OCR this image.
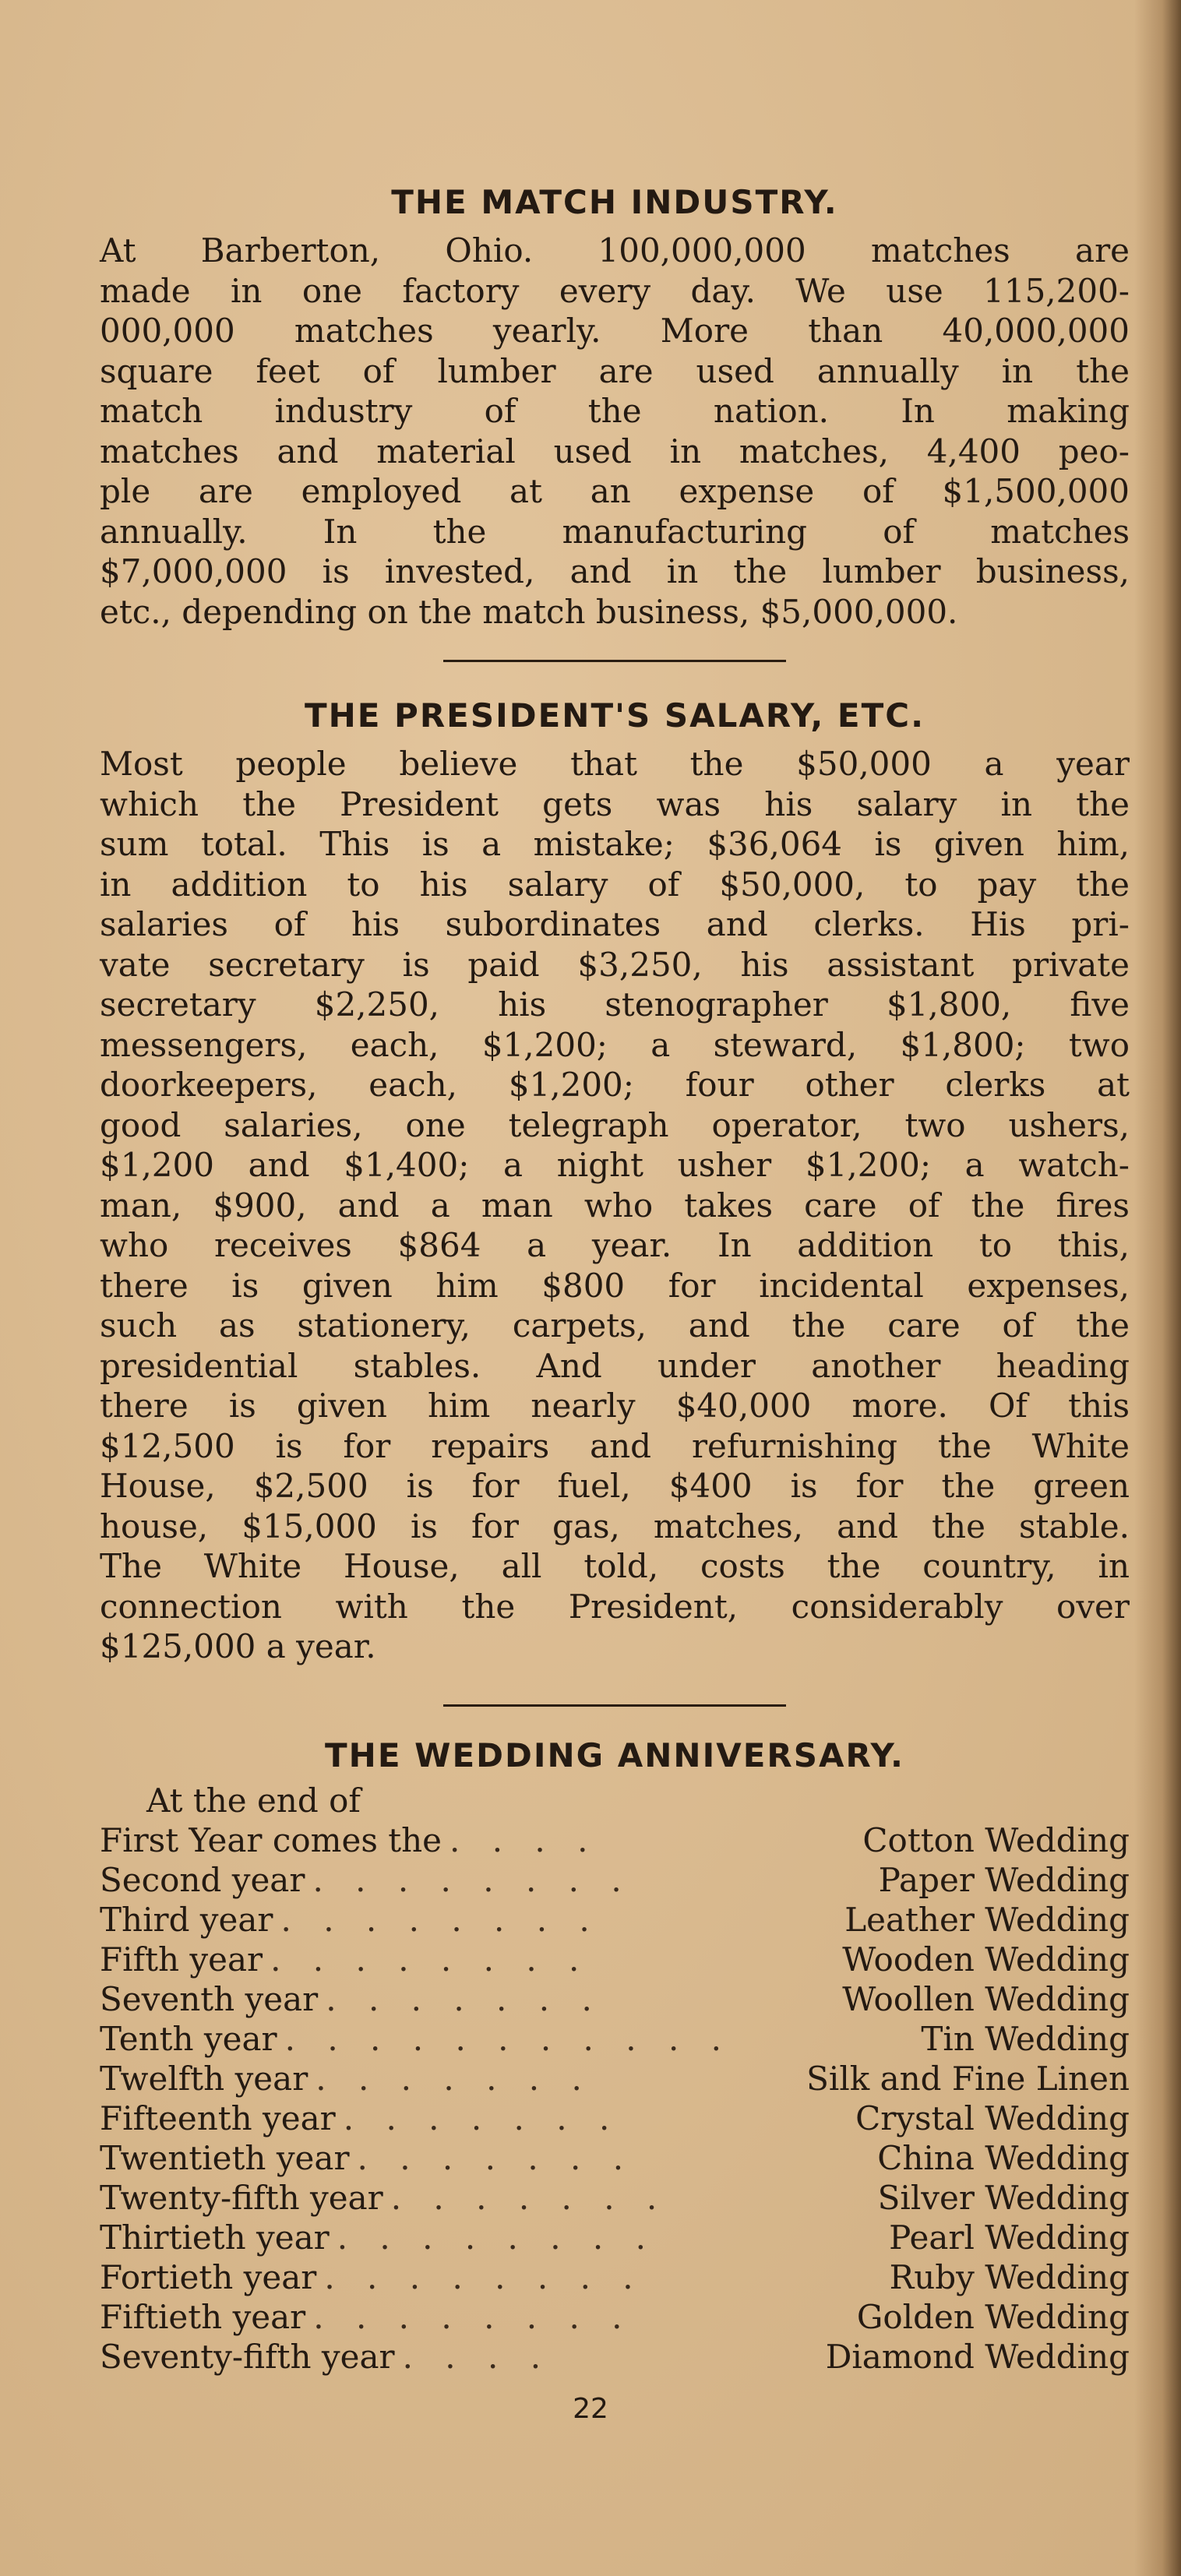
THE MATCH INDUSTRY.
At Barberton, Ohio. 100,000,000 matches are
made in one factory every day. We use 115,200-
000,000 matches yearly. More than 40,000,000
square feet of lumber are used annually in the
match industry of the nation. In making
matches and material used in matches, 4,400 peo-
ple are employed at an expense of $1,500,000
annually. In the manufacturing of matches
$7,000,000 is invested, and in the lumber business,
etc., depending on the match business, $5,000,000.
THE PRESIDENT'S SALARY, ETC.
Most people believe that the $50,000 a year
which the President gets was his salary in the
sum total. This is a mistake; $36,064 is given him,
in addition to his salary of $50,000, to pay the
salaries of his subordinates and clerks. His pri-
vate secretary is paid $3,250, his assistant private
secretary $2,250, his stenographer $1,800, five
messengers, each, $1,200; a steward, $1,800; two
doorkeepers, each, $1,200; four other clerks at
good salaries, one telegraph operator, two ushers,
$1,200 and $1,400; a night usher $1,200; a watch-
man, $900, and a man who takes care of the fires
who receives $864 a year. In addition to this,
there is given him $800 for incidental expenses,
such as stationery, carpets, and the care of the
presidential stables. And under another heading
there is given him nearly $40,000 more. Of this
$12,500 is for repairs and refurnishing the White
House, $2,500 is for fuel, $400 is for the green
house, $15,000 is for gas, matches, and the stable.
The White House, all told, costs the country, in
connection with the President, considerably over
$125,000 a year.
THE WEDDING ANNIVERSARY.
At the end of
First Year comes the . . . .	Cotton Wedding
Second year . . . . . . . .	Paper Wedding
Third year . . . . . . . .	Leather Wedding
Fifth year . . . . . . . .	Wooden Wedding
Seventh year . . . . . . .	Woollen Wedding
Tenth year . . . . . . . . . . .	Tin Wedding
Twelfth year . . . . . . .	Silk and Fine Linen
Fifteenth year . . . . . . .	Crystal Wedding
Twentieth year . . . . . . .	China Wedding
Twenty-fifth year . . . . . . .	Silver Wedding
Thirtieth year . . . . . . . .	Pearl Wedding
Fortieth year . . . . . . . .	Ruby Wedding
Fiftieth year . . . . . . . .	Golden Wedding
Seventy-fifth year . . . .	Diamond Wedding
22
